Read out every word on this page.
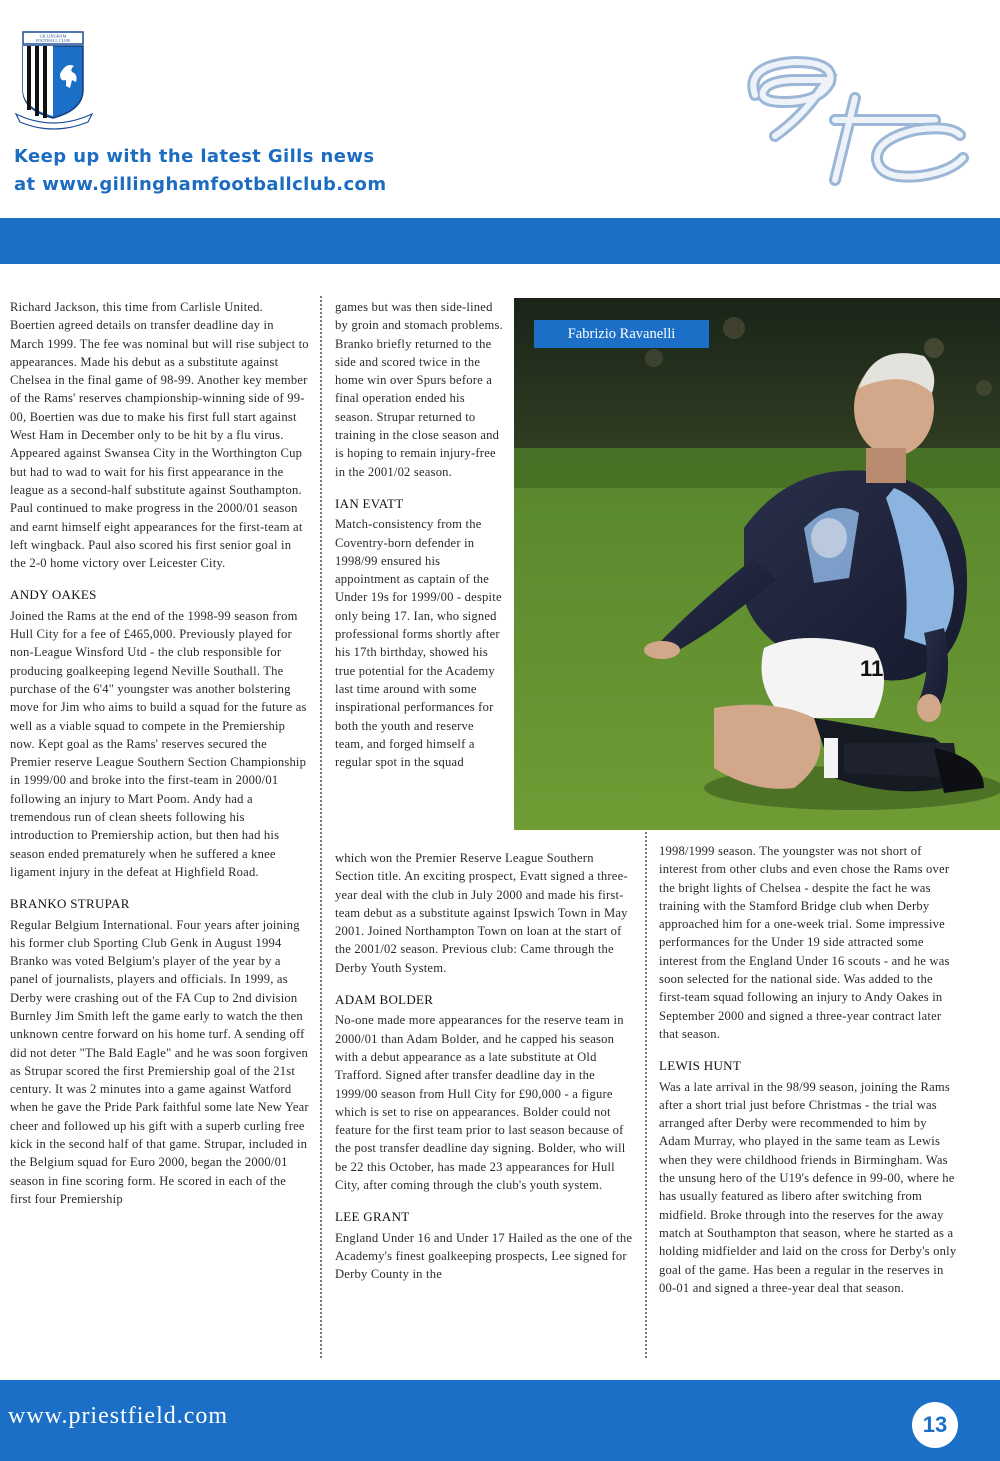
GILLINGHAM
FOOTBALL CLUB
Keep up with the latest Gills news
at www.gillinghamfootballclub.com

Richard Jackson, this time from Carlisle United. Boertien agreed details on transfer deadline day in March 1999. The fee was nominal but will rise subject to appearances. Made his debut as a substitute against Chelsea in the final game of 98-99. Another key member of the Rams' reserves championship-winning side of 99-00, Boertien was due to make his first full start against West Ham in December only to be hit by a flu virus. Appeared against Swansea City in the Worthington Cup but had to wad to wait for his first appearance in the league as a second-half substitute against Southampton. Paul continued to make progress in the 2000/01 season and earnt himself eight appearances for the first-team at left wingback. Paul also scored his first senior goal in the 2-0 home victory over Leicester City.

ANDY OAKES

Joined the Rams at the end of the 1998-99 season from Hull City for a fee of £465,000. Previously played for non-League Winsford Utd - the club responsible for producing goalkeeping legend Neville Southall. The purchase of the 6'4" youngster was another bolstering move for Jim who aims to build a squad for the future as well as a viable squad to compete in the Premiership now. Kept goal as the Rams' reserves secured the Premier reserve League Southern Section Championship in 1999/00 and broke into the first-team in 2000/01 following an injury to Mart Poom. Andy had a tremendous run of clean sheets following his introduction to Premiership action, but then had his season ended prematurely when he suffered a knee ligament injury in the defeat at Highfield Road.

BRANKO STRUPAR

Regular Belgium International. Four years after joining his former club Sporting Club Genk in August 1994 Branko was voted Belgium's player of the year by a panel of journalists, players and officials. In 1999, as Derby were crashing out of the FA Cup to 2nd division Burnley Jim Smith left the game early to watch the then unknown centre forward on his home turf. A sending off did not deter "The Bald Eagle" and he was soon forgiven as Strupar scored the first Premiership goal of the 21st century. It was 2 minutes into a game against Watford when he gave the Pride Park faithful some late New Year cheer and followed up his gift with a superb curling free kick in the second half of that game. Strupar, included in the Belgium squad for Euro 2000, began the 2000/01 season in fine scoring form. He scored in each of the first four Premiership

games but was then side-lined by groin and stomach problems. Branko briefly returned to the side and scored twice in the home win over Spurs before a final operation ended his season. Strupar returned to training in the close season and is hoping to remain injury-free in the 2001/02 season.

IAN EVATT

Match-consistency from the Coventry-born defender in 1998/99 ensured his appointment as captain of the Under 19s for 1999/00 - despite only being 17. Ian, who signed professional forms shortly after his 17th birthday, showed his true potential for the Academy last time around with some inspirational performances for both the youth and reserve team, and forged himself a regular spot in the squad

which won the Premier Reserve League Southern Section title. An exciting prospect, Evatt signed a three-year deal with the club in July 2000 and made his first-team debut as a substitute against Ipswich Town in May 2001. Joined Northampton Town on loan at the start of the 2001/02 season. Previous club: Came through the Derby Youth System.

ADAM BOLDER

No-one made more appearances for the reserve team in 2000/01 than Adam Bolder, and he capped his season with a debut appearance as a late substitute at Old Trafford. Signed after transfer deadline day in the 1999/00 season from Hull City for £90,000 - a figure which is set to rise on appearances. Bolder could not feature for the first team prior to last season because of the post transfer deadline day signing. Bolder, who will be 22 this October, has made 23 appearances for Hull City, after coming through the club's youth system.

LEE GRANT

England Under 16 and Under 17 Hailed as the one of the Academy's finest goalkeeping prospects, Lee signed for Derby County in the

1998/1999 season. The youngster was not short of interest from other clubs and even chose the Rams over the bright lights of Chelsea - despite the fact he was training with the Stamford Bridge club when Derby approached him for a one-week trial. Some impressive performances for the Under 19 side attracted some interest from the England Under 16 scouts - and he was soon selected for the national side. Was added to the first-team squad following an injury to Andy Oakes in September 2000 and signed a three-year contract later that season.

LEWIS HUNT

Was a late arrival in the 98/99 season, joining the Rams after a short trial just before Christmas - the trial was arranged after Derby were recommended to him by Adam Murray, who played in the same team as Lewis when they were childhood friends in Birmingham. Was the unsung hero of the U19's defence in 99-00, where he has usually featured as libero after switching from midfield. Broke through into the reserves for the away match at Southampton that season, where he started as a holding midfielder and laid on the cross for Derby's only goal of the game. Has been a regular in the reserves in 00-01 and signed a three-year deal that season.

11
Fabrizio Ravanelli
www.priestfield.com	13
